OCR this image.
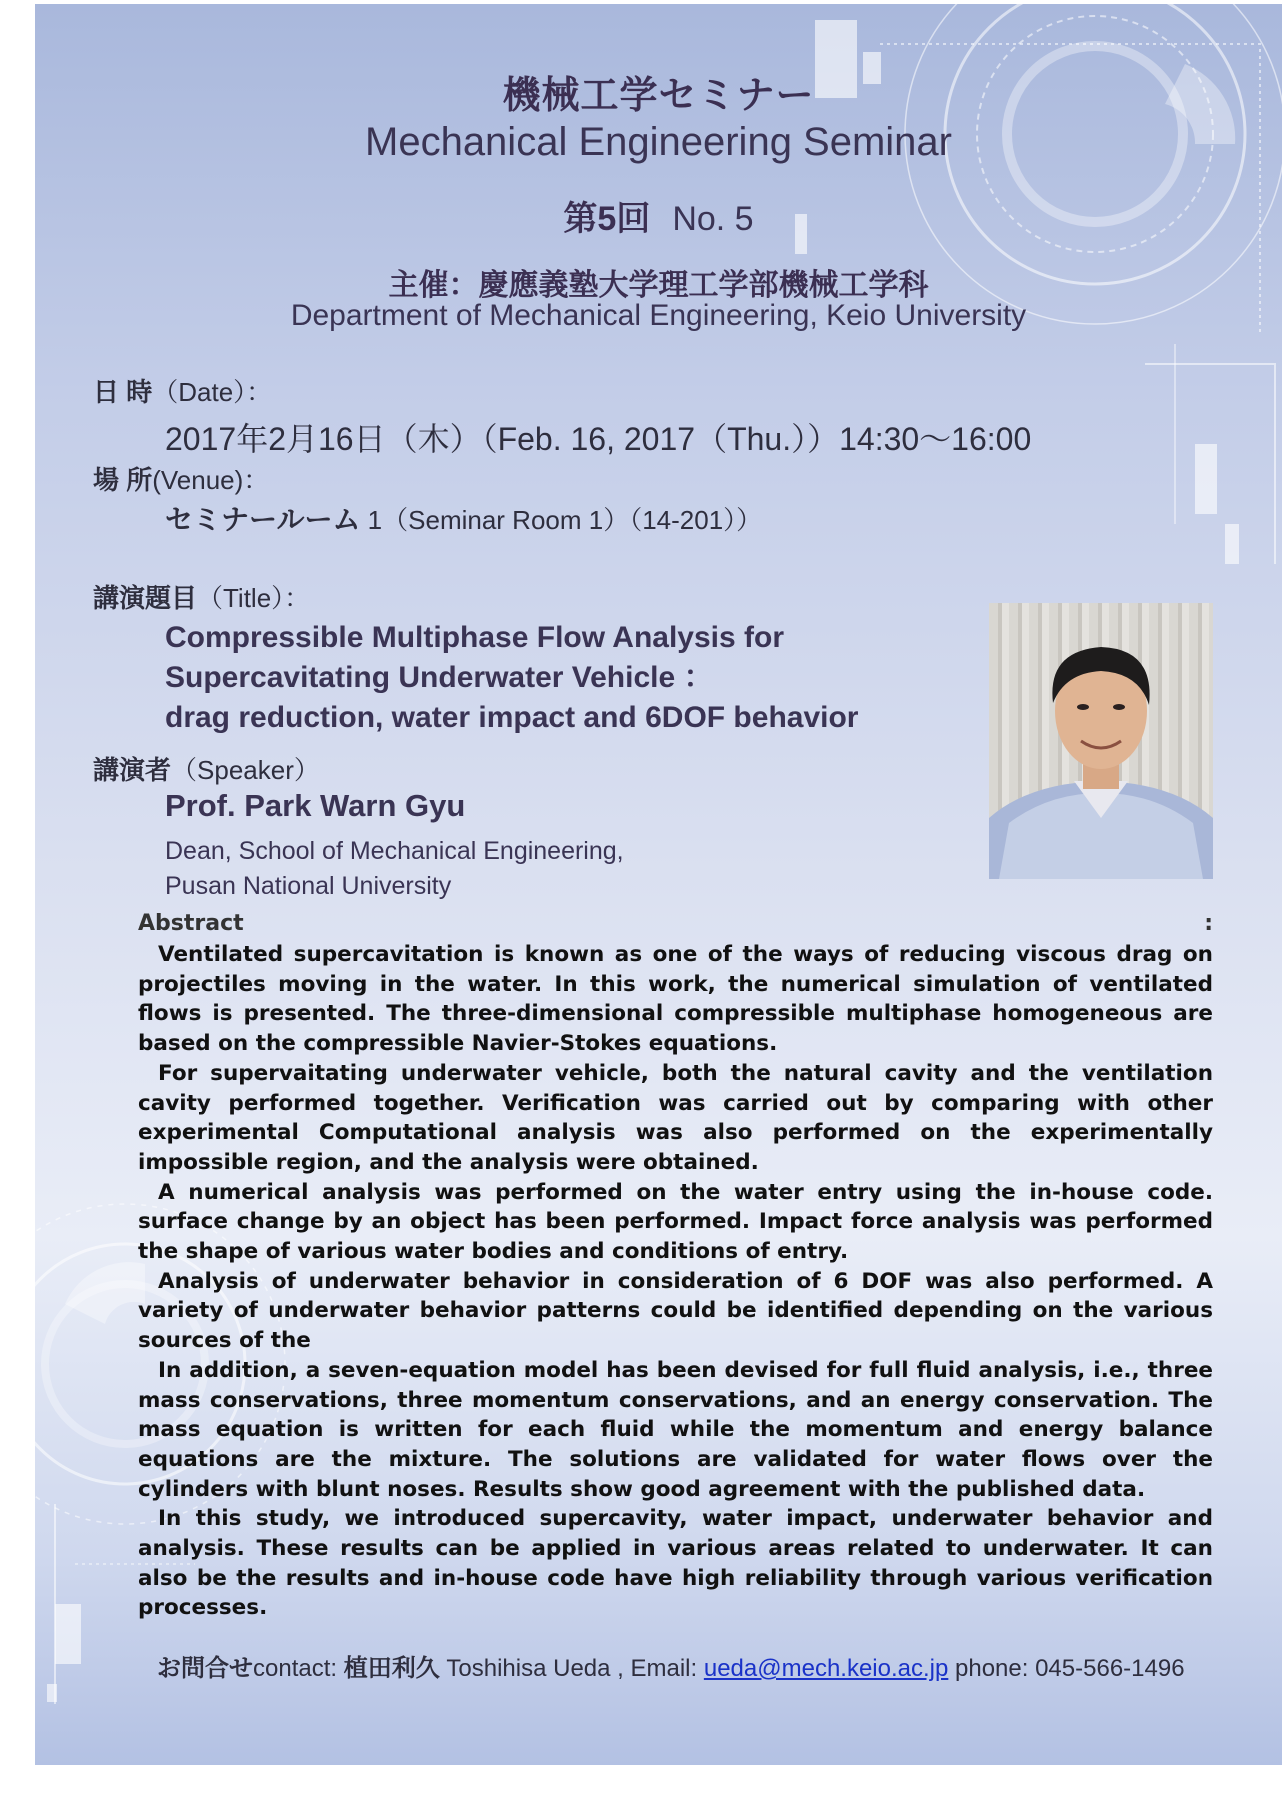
機械工学セミナー
Mechanical Engineering Seminar
第5回 No. 5
主催：慶應義塾大学理工学部機械工学科
Department of Mechanical Engineering, Keio University
日 時（Date）：
2017年2月16日（木）（Feb. 16, 2017（Thu.））14:30〜16:00
場 所(Venue)：
セミナールーム 1（Seminar Room 1）（14-201））
講演題目（Title）：
Compressible Multiphase Flow Analysis for
Supercavitating Underwater Vehicle ：
drag reduction, water impact and 6DOF behavior
講演者（Speaker）
Prof. Park Warn Gyu
Dean, School of Mechanical Engineering,
Pusan National University
Abstract	:

Ventilated supercavitation is known as one of the ways of reducing viscous drag on projectiles moving in the water. In this work, the numerical simulation of ventilated flows is presented. The three-dimensional compressible multiphase homogeneous are based on the compressible Navier-Stokes equations.

For supervaitating underwater vehicle, both the natural cavity and the ventilation cavity performed together. Verification was carried out by comparing with other experimental Computational analysis was also performed on the experimentally impossible region, and the analysis were obtained.

A numerical analysis was performed on the water entry using the in-house code. surface change by an object has been performed. Impact force analysis was performed the shape of various water bodies and conditions of entry.

Analysis of underwater behavior in consideration of 6 DOF was also performed. A variety of underwater behavior patterns could be identified depending on the various sources of the

In addition, a seven-equation model has been devised for full fluid analysis, i.e., three mass conservations, three momentum conservations, and an energy conservation. The mass equation is written for each fluid while the momentum and energy balance equations are the mixture. The solutions are validated for water flows over the cylinders with blunt noses. Results show good agreement with the published data.

In this study, we introduced supercavity, water impact, underwater behavior and analysis. These results can be applied in various areas related to underwater. It can also be the results and in-house code have high reliability through various verification processes.

お問合せcontact: 植田利久 Toshihisa Ueda , Email: ueda@mech.keio.ac.jp phone: 045-566-1496
